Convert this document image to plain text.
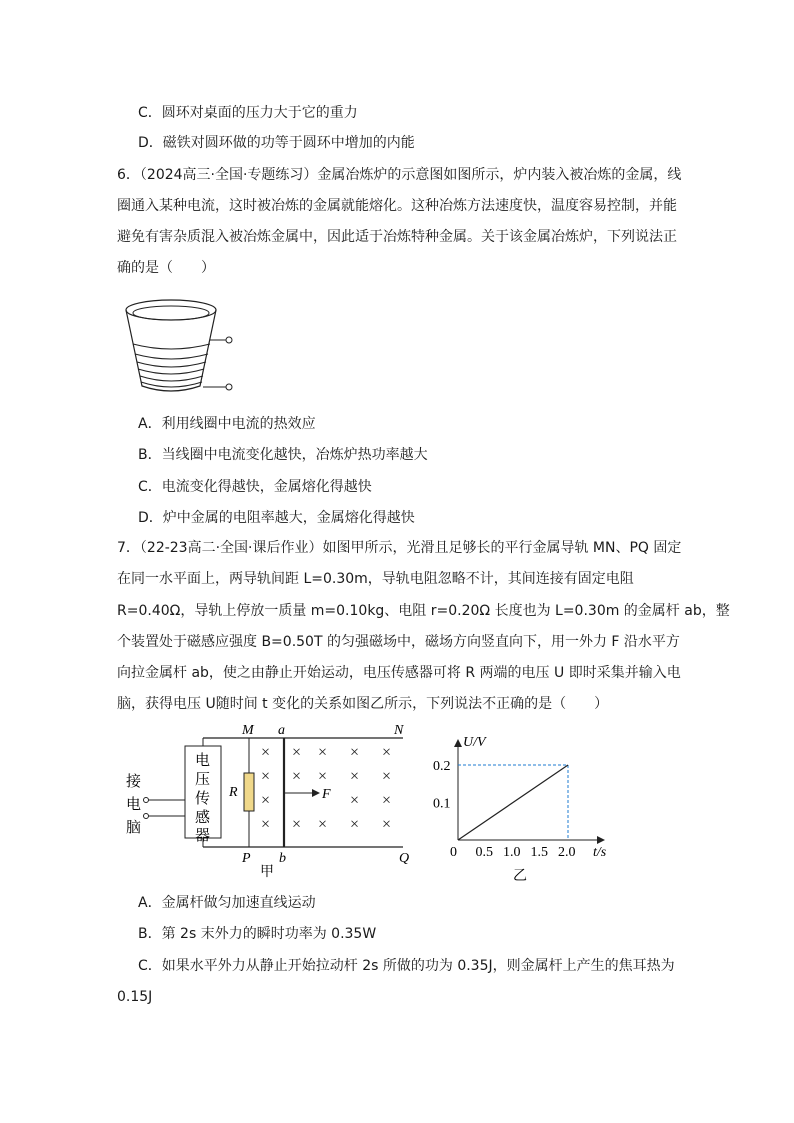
C．圆环对桌面的压力大于它的重力
D．磁铁对圆环做的功等于圆环中增加的内能
6．（2024高三·全国·专题练习）金属冶炼炉的示意图如图所示，炉内装入被冶炼的金属，线
圈通入某种电流，这时被冶炼的金属就能熔化。这种冶炼方法速度快，温度容易控制，并能
避免有害杂质混入被冶炼金属中，因此适于冶炼特种金属。关于该金属冶炼炉，下列说法正
确的是（　　）
A．利用线圈中电流的热效应
B．当线圈中电流变化越快，冶炼炉热功率越大
C．电流变化得越快，金属熔化得越快
D．炉中金属的电阻率越大，金属熔化得越快
7．（22-23高二·全国·课后作业）如图甲所示，光滑且足够长的平行金属导轨 MN、PQ 固定
在同一水平面上，两导轨间距 L=0.30m，导轨电阻忽略不计，其间连接有固定电阻
R=0.40Ω，导轨上停放一质量 m=0.10kg、电阻 r=0.20Ω 长度也为 L=0.30m 的金属杆 ab，整
个装置处于磁感应强度 B=0.50T 的匀强磁场中，磁场方向竖直向下，用一外力 F 沿水平方
向拉金属杆 ab，使之由静止开始运动，电压传感器可将 R 两端的电压 U 即时采集并输入电
脑，获得电压 U随时间 t 变化的关系如图乙所示，下列说法不正确的是（　　）
接
电
脑
电
压
传
感
器
R
M a	N
P b	Q
F
×
×
×
×
×
×
×
×
×
×
×
×
×
×
×
×
×
×
甲
0 0.5 1.0 1.5 2.0
0.1
0.2
t/s
U/V
乙
A．金属杆做匀加速直线运动
B．第 2s 末外力的瞬时功率为 0.35W
C．如果水平外力从静止开始拉动杆 2s 所做的功为 0.35J，则金属杆上产生的焦耳热为
0.15J
